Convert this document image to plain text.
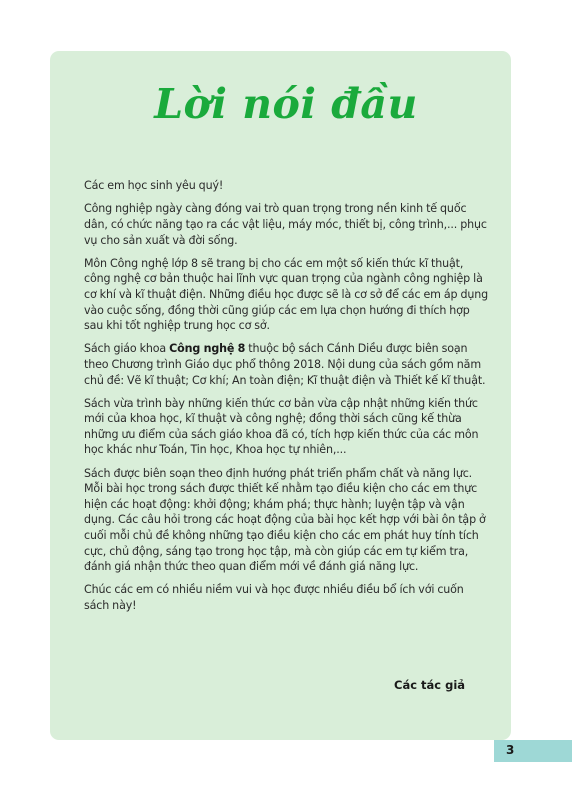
Lời nói đầu

Các em học sinh yêu quý!

Công nghiệp ngày càng đóng vai trò quan trọng trong nền kinh tế quốc dân, có chức năng tạo ra các vật liệu, máy móc, thiết bị, công trình,... phục vụ cho sản xuất và đời sống.

Môn Công nghệ lớp 8 sẽ trang bị cho các em một số kiến thức kĩ thuật, công nghệ cơ bản thuộc hai lĩnh vực quan trọng của ngành công nghiệp là cơ khí và kĩ thuật điện. Những điều học được sẽ là cơ sở để các em áp dụng vào cuộc sống, đồng thời cũng giúp các em lựa chọn hướng đi thích hợp sau khi tốt nghiệp trung học cơ sở.

Sách giáo khoa Công nghệ 8 thuộc bộ sách Cánh Diều được biên soạn theo Chương trình Giáo dục phổ thông 2018. Nội dung của sách gồm năm chủ đề: Vẽ kĩ thuật; Cơ khí; An toàn điện; Kĩ thuật điện và Thiết kế kĩ thuật.

Sách vừa trình bày những kiến thức cơ bản vừa cập nhật những kiến thức mới của khoa học, kĩ thuật và công nghệ; đồng thời sách cũng kế thừa những ưu điểm của sách giáo khoa đã có, tích hợp kiến thức của các môn học khác như Toán, Tin học, Khoa học tự nhiên,...

Sách được biên soạn theo định hướng phát triển phẩm chất và năng lực. Mỗi bài học trong sách được thiết kế nhằm tạo điều kiện cho các em thực hiện các hoạt động: khởi động; khám phá; thực hành; luyện tập và vận dụng. Các câu hỏi trong các hoạt động của bài học kết hợp với bài ôn tập ở cuối mỗi chủ đề không những tạo điều kiện cho các em phát huy tính tích cực, chủ động, sáng tạo trong học tập, mà còn giúp các em tự kiểm tra, đánh giá nhận thức theo quan điểm mới về đánh giá năng lực.

Chúc các em có nhiều niềm vui và học được nhiều điều bổ ích với cuốn sách này!

Các tác giả

3
